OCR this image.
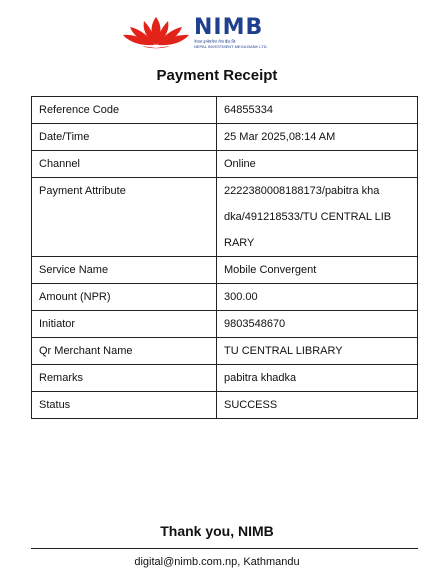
NIMB
नेपाल इन्भेष्टमेन्ट मेगा बैंक लि.
NEPAL INVESTMENT MEGA BANK LTD.
Payment Receipt
Reference Code	64855334
Date/Time	25 Mar 2025,08:14 AM
Channel	Online
Payment Attribute	2222380008188173/pabitra kha
dka/491218533/TU CENTRAL LIB
RARY

Service Name	Mobile Convergent
Amount (NPR)	300.00
Initiator	9803548670
Qr Merchant Name	TU CENTRAL LIBRARY
Remarks	pabitra khadka
Status	SUCCESS
Thank you, NIMB
digital@nimb.com.np, Kathmandu
